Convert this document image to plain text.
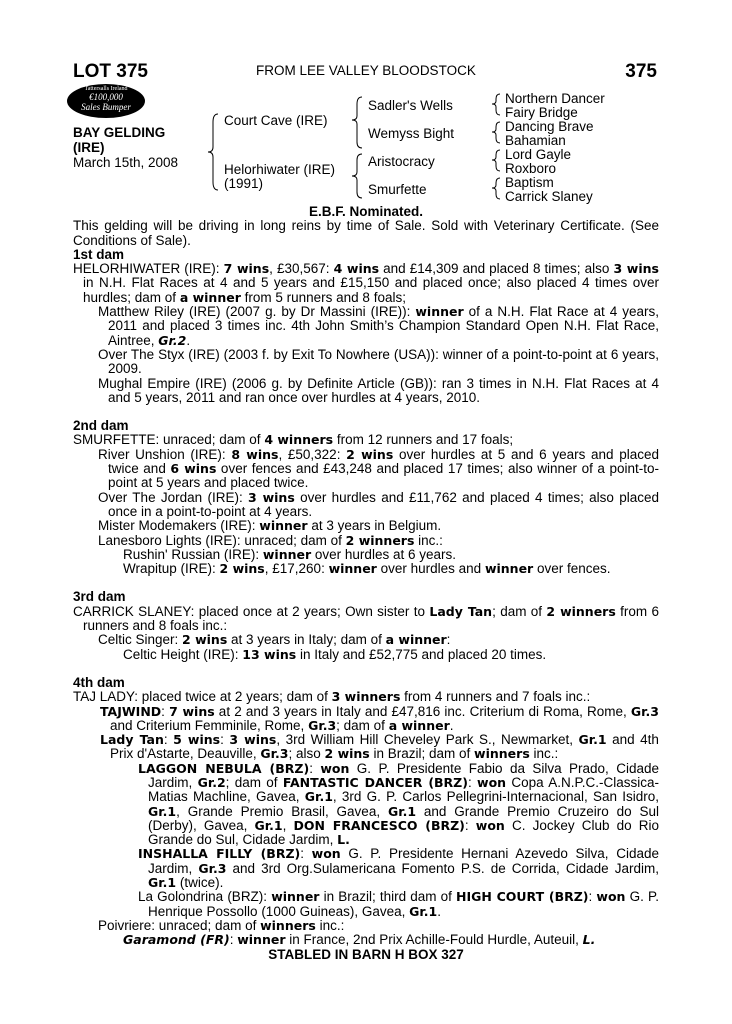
LOT 375	FROM LEE VALLEY BLOODSTOCK	375
Tattersalls Ireland
€100,000
Sales Bumper
BAY GELDING
(IRE)
March 15th, 2008
Court Cave (IRE)
Helorhiwater (IRE)
(1991)
Sadler's Wells
Wemyss Bight
Aristocracy
Smurfette
Northern Dancer
Fairy Bridge
Dancing Brave
Bahamian
Lord Gayle
Roxboro
Baptism
Carrick Slaney

E.B.F. Nominated.

This gelding will be driving in long reins by time of Sale. Sold with Veterinary Certificate. (See Conditions of Sale).

1st dam

HELORHIWATER (IRE): 7 wins, £30,567: 4 wins and £14,309 and placed 8 times; also 3 wins in N.H. Flat Races at 4 and 5 years and £15,150 and placed once; also placed 4 times over hurdles; dam of a winner from 5 runners and 8 foals;

Matthew Riley (IRE) (2007 g. by Dr Massini (IRE)): winner of a N.H. Flat Race at 4 years, 2011 and placed 3 times inc. 4th John Smith’s Champion Standard Open N.H. Flat Race, Aintree, Gr.2.

Over The Styx (IRE) (2003 f. by Exit To Nowhere (USA)): winner of a point-to-point at 6 years, 2009.

Mughal Empire (IRE) (2006 g. by Definite Article (GB)): ran 3 times in N.H. Flat Races at 4 and 5 years, 2011 and ran once over hurdles at 4 years, 2010.

2nd dam

SMURFETTE: unraced; dam of 4 winners from 12 runners and 17 foals;

River Unshion (IRE): 8 wins, £50,322: 2 wins over hurdles at 5 and 6 years and placed twice and 6 wins over fences and £43,248 and placed 17 times; also winner of a point-to-point at 5 years and placed twice.

Over The Jordan (IRE): 3 wins over hurdles and £11,762 and placed 4 times; also placed once in a point-to-point at 4 years.

Mister Modemakers (IRE): winner at 3 years in Belgium.

Lanesboro Lights (IRE): unraced; dam of 2 winners inc.:

Rushin' Russian (IRE): winner over hurdles at 6 years.

Wrapitup (IRE): 2 wins, £17,260: winner over hurdles and winner over fences.

3rd dam

CARRICK SLANEY: placed once at 2 years; Own sister to Lady Tan; dam of 2 winners from 6 runners and 8 foals inc.:

Celtic Singer: 2 wins at 3 years in Italy; dam of a winner:

Celtic Height (IRE): 13 wins in Italy and £52,775 and placed 20 times.

4th dam

TAJ LADY: placed twice at 2 years; dam of 3 winners from 4 runners and 7 foals inc.:

TAJWIND: 7 wins at 2 and 3 years in Italy and £47,816 inc. Criterium di Roma, Rome, Gr.3 and Criterium Femminile, Rome, Gr.3; dam of a winner.

Lady Tan: 5 wins: 3 wins, 3rd William Hill Cheveley Park S., Newmarket, Gr.1 and 4th Prix d'Astarte, Deauville, Gr.3; also 2 wins in Brazil; dam of winners inc.:

LAGGON NEBULA (BRZ): won G. P. Presidente Fabio da Silva Prado, Cidade Jardim, Gr.2; dam of FANTASTIC DANCER (BRZ): won Copa A.N.P.C.-Classica-Matias Machline, Gavea, Gr.1, 3rd G. P. Carlos Pellegrini-Internacional, San Isidro, Gr.1, Grande Premio Brasil, Gavea, Gr.1 and Grande Premio Cruzeiro do Sul (Derby), Gavea, Gr.1, DON FRANCESCO (BRZ): won C. Jockey Club do Rio Grande do Sul, Cidade Jardim, L.

INSHALLA FILLY (BRZ): won G. P. Presidente Hernani Azevedo Silva, Cidade Jardim, Gr.3 and 3rd Org.Sulamericana Fomento P.S. de Corrida, Cidade Jardim, Gr.1 (twice).

La Golondrina (BRZ): winner in Brazil; third dam of HIGH COURT (BRZ): won G. P. Henrique Possollo (1000 Guineas), Gavea, Gr.1.

Poivriere: unraced; dam of winners inc.:

Garamond (FR): winner in France, 2nd Prix Achille-Fould Hurdle, Auteuil, L.

STABLED IN BARN H BOX 327
